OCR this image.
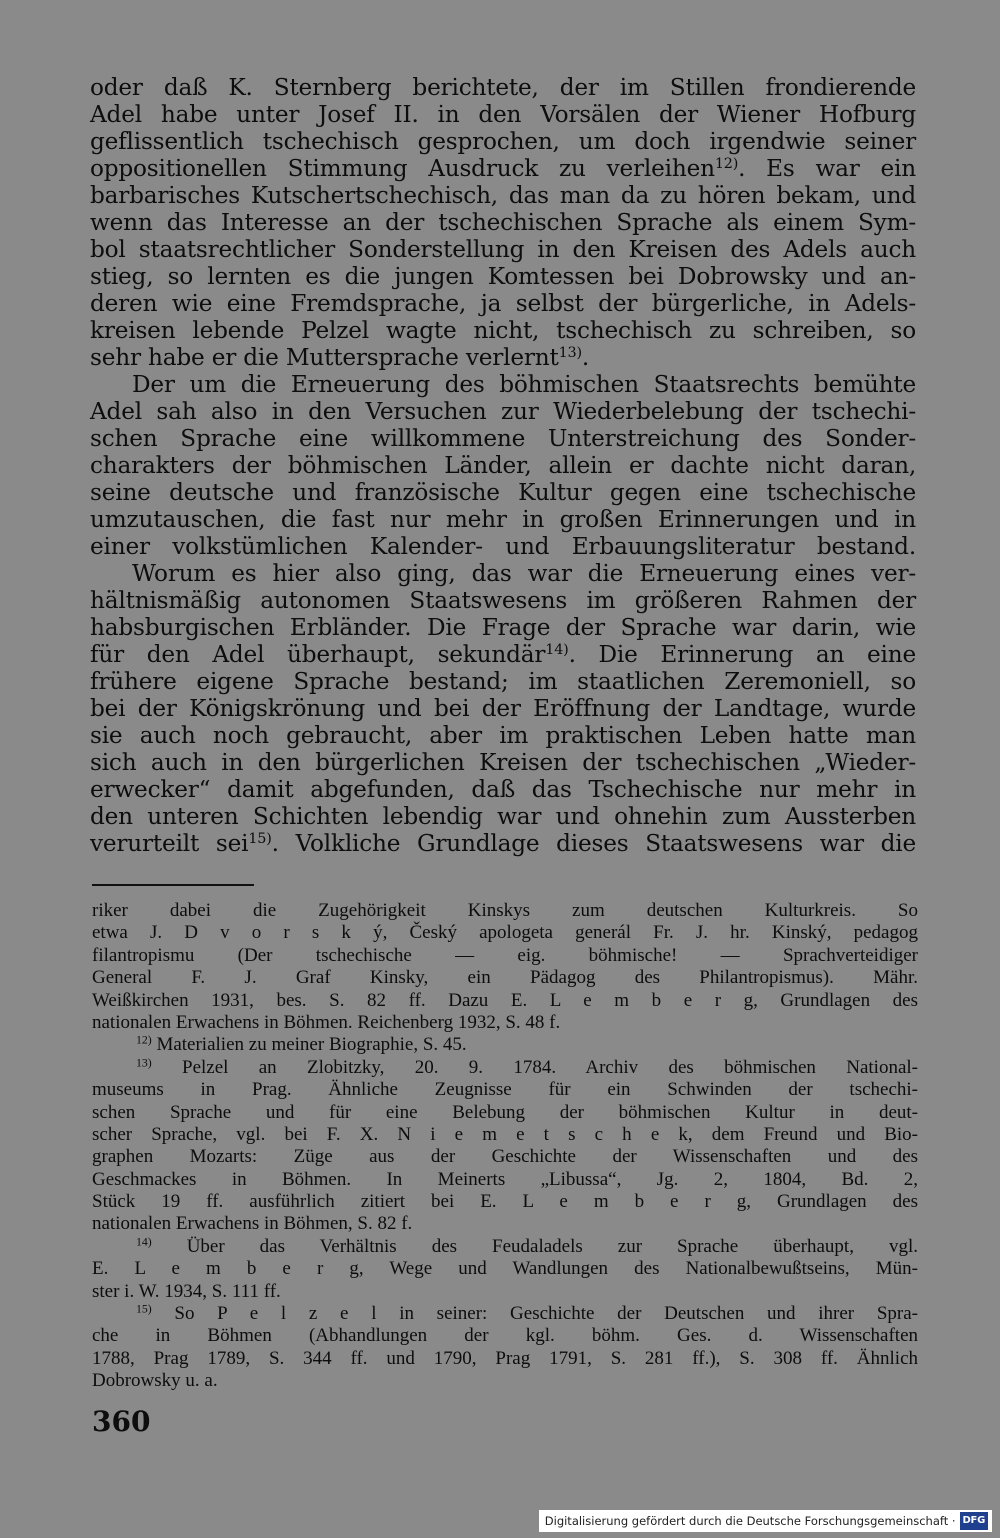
oder daß K. Sternberg berichtete, der im Stillen frondierende
Adel habe unter Josef II. in den Vorsälen der Wiener Hofburg
geflissentlich tschechisch gesprochen, um doch irgendwie seiner
oppositionellen Stimmung Ausdruck zu verleihen$^{12)}$. Es war ein
barbarisches Kutschertschechisch, das man da zu hören bekam, und
wenn das Interesse an der tschechischen Sprache als einem Sym-
bol staatsrechtlicher Sonderstellung in den Kreisen des Adels auch
stieg, so lernten es die jungen Komtessen bei Dobrowsky und an-
deren wie eine Fremdsprache, ja selbst der bürgerliche, in Adels-
kreisen lebende Pelzel wagte nicht, tschechisch zu schreiben, so
sehr habe er die Muttersprache verlernt$^{13)}$.
Der um die Erneuerung des böhmischen Staatsrechts bemühte
Adel sah also in den Versuchen zur Wiederbelebung der tschechi-
schen Sprache eine willkommene Unterstreichung des Sonder-
charakters der böhmischen Länder, allein er dachte nicht daran,
seine deutsche und französische Kultur gegen eine tschechische
umzutauschen, die fast nur mehr in großen Erinnerungen und in
einer volkstümlichen Kalender- und Erbauungsliteratur bestand.
Worum es hier also ging, das war die Erneuerung eines ver-
hältnismäßig autonomen Staatswesens im größeren Rahmen der
habsburgischen Erbländer. Die Frage der Sprache war darin, wie
für den Adel überhaupt, sekundär$^{14)}$. Die Erinnerung an eine
frühere eigene Sprache bestand; im staatlichen Zeremoniell, so
bei der Königskrönung und bei der Eröffnung der Landtage, wurde
sie auch noch gebraucht, aber im praktischen Leben hatte man
sich auch in den bürgerlichen Kreisen der tschechischen „Wieder-
erwecker“ damit abgefunden, daß das Tschechische nur mehr in
den unteren Schichten lebendig war und ohnehin zum Aussterben
verurteilt sei$^{15)}$. Volkliche Grundlage dieses Staatswesens war die
riker dabei die Zugehörigkeit Kinskys zum deutschen Kulturkreis. So
etwa J. D v o r s k ý, Český apologeta generál Fr. J. hr. Kinský, pedagog
filantropismu (Der tschechische — eig. böhmische! — Sprachverteidiger
General F. J. Graf Kinsky, ein Pädagog des Philantropismus). Mähr.
Weißkirchen 1931, bes. S. 82 ff. Dazu E. L e m b e r g, Grundlagen des
nationalen Erwachens in Böhmen. Reichenberg 1932, S. 48 f.
$^{12)}$ Materialien zu meiner Biographie, S. 45.
$^{13)}$ Pelzel an Zlobitzky, 20. 9. 1784. Archiv des böhmischen National-
museums in Prag. Ähnliche Zeugnisse für ein Schwinden der tschechi-
schen Sprache und für eine Belebung der böhmischen Kultur in deut-
scher Sprache, vgl. bei F. X. N i e m e t s c h e k, dem Freund und Bio-
graphen Mozarts: Züge aus der Geschichte der Wissenschaften und des
Geschmackes in Böhmen. In Meinerts „Libussa“, Jg. 2, 1804, Bd. 2,
Stück 19 ff. ausführlich zitiert bei E. L e m b e r g, Grundlagen des
nationalen Erwachens in Böhmen, S. 82 f.
$^{14)}$ Über das Verhältnis des Feudaladels zur Sprache überhaupt, vgl.
E. L e m b e r g, Wege und Wandlungen des Nationalbewußtseins, Mün-
ster i. W. 1934, S. 111 ff.
$^{15)}$ So P e l z e l in seiner: Geschichte der Deutschen und ihrer Spra-
che in Böhmen (Abhandlungen der kgl. böhm. Ges. d. Wissenschaften
1788, Prag 1789, S. 344 ff. und 1790, Prag 1791, S. 281 ff.), S. 308 ff. Ähnlich
Dobrowsky u. a.
360
Digitalisierung gefördert durch die Deutsche Forschungsgemeinschaft · DFG
